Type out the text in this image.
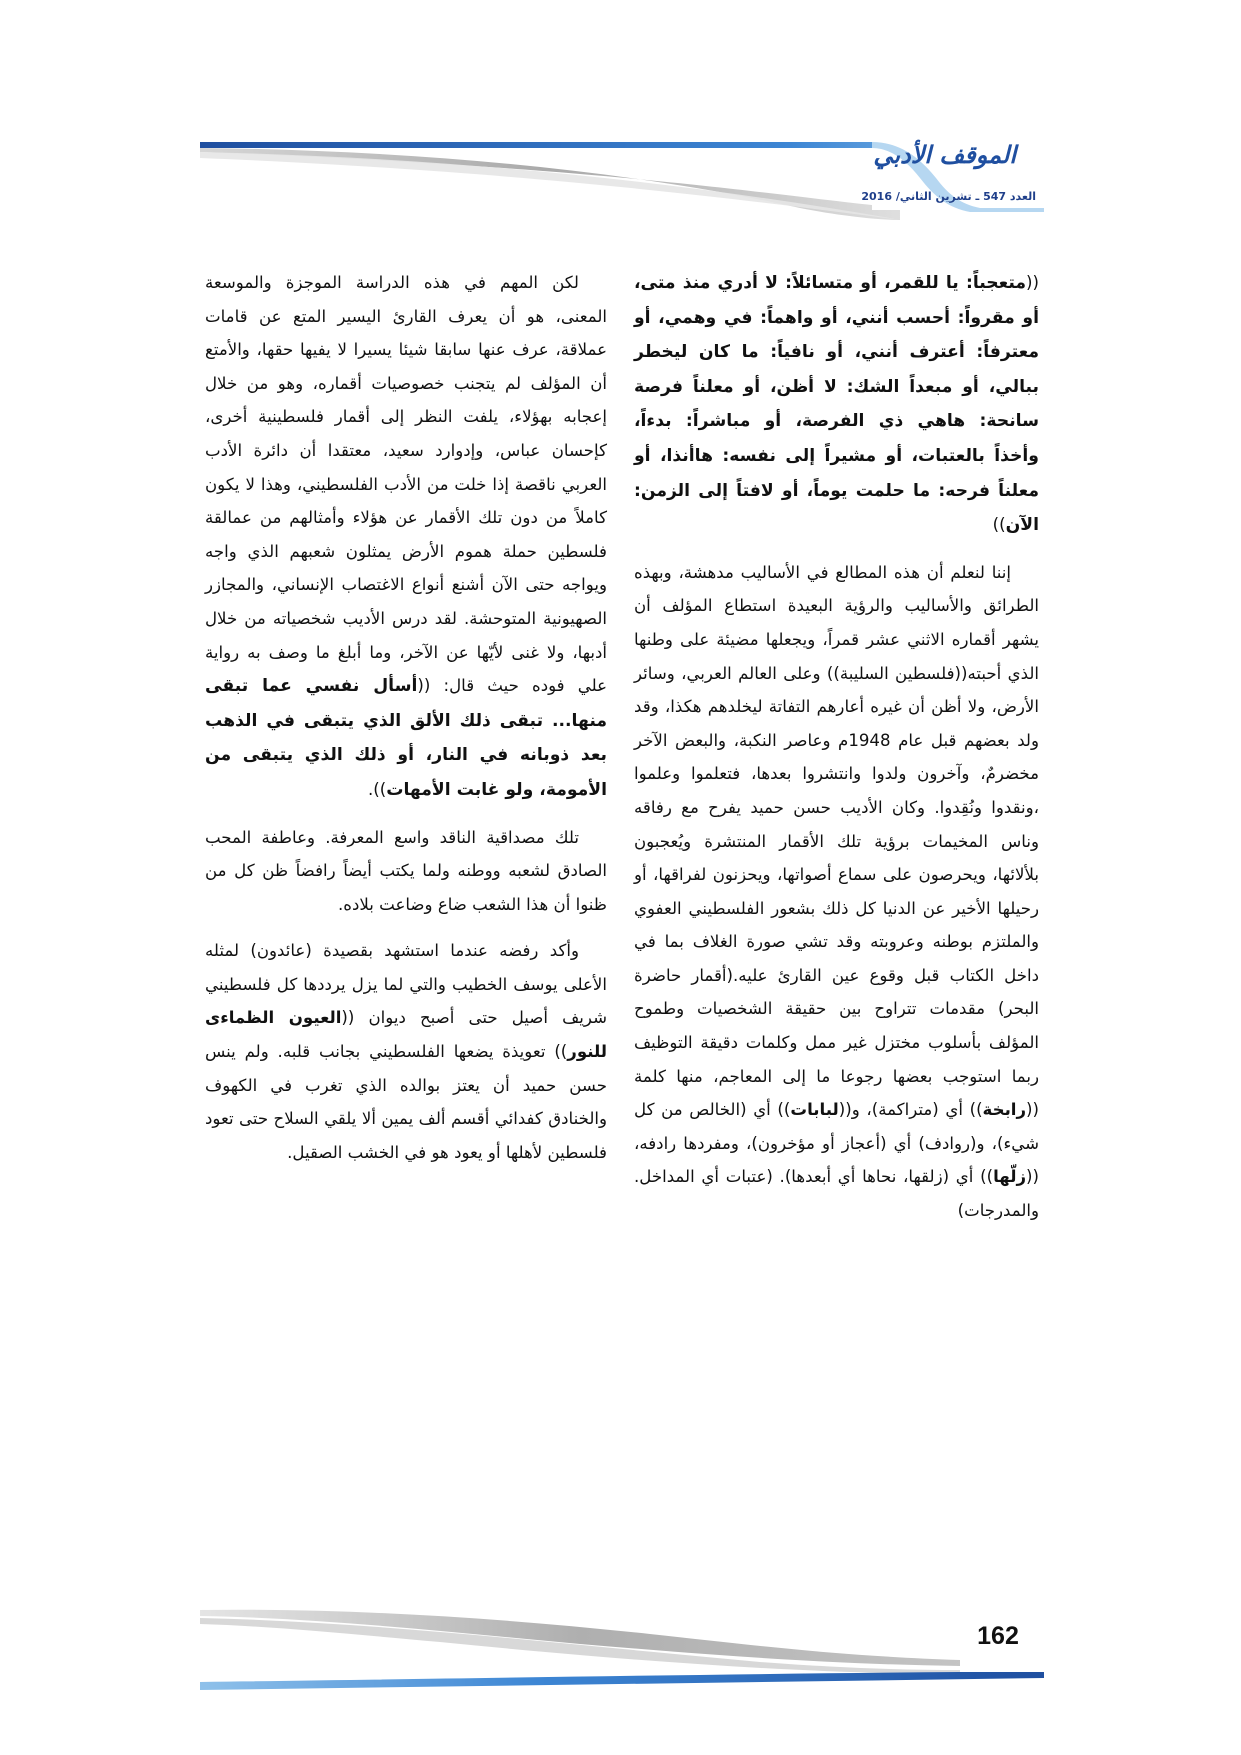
الموقف الأدبي
العدد 547 ـ تشرين الثاني/ 2016

((متعجباً: يا للقمر، أو متسائلاً: لا أدري منذ متى، أو مقرواً: أحسب أنني، أو واهماً: في وهمي، أو معترفاً: أعترف أنني، أو نافياً: ما كان ليخطر ببالي، أو مبعداً الشك: لا أظن، أو معلناً فرصة سانحة: هاهي ذي الفرصة، أو مباشراً: بدءاً، وأخذاً بالعتبات، أو مشيراً إلى نفسه: هاأنذا، أو معلناً فرحه: ما حلمت يوماً، أو لافتاً إلى الزمن: الآن))

إننا لنعلم أن هذه المطالع في الأساليب مدهشة، وبهذه الطرائق والأساليب والرؤية البعيدة استطاع المؤلف أن يشهر أقماره الاثني عشر قمراً، ويجعلها مضيئة على وطنها الذي أحبته((فلسطين السليبة)) وعلى العالم العربي، وسائر الأرض، ولا أظن أن غيره أعارهم التفاتة ليخلدهم هكذا، وقد ولد بعضهم قبل عام 1948م وعاصر النكبة، والبعض الآخر مخضرمٌ، وآخرون ولدوا وانتشروا بعدها، فتعلموا وعلموا ،ونقدوا ونُقِدوا. وكان الأديب حسن حميد يفرح مع رفاقه وناس المخيمات برؤية تلك الأقمار المنتشرة ويُعجبون بلألائها، ويحرصون على سماع أصواتها، ويحزنون لفراقها، أو رحيلها الأخير عن الدنيا كل ذلك بشعور الفلسطيني العفوي والملتزم بوطنه وعروبته وقد تشي صورة الغلاف بما في داخل الكتاب قبل وقوع عين القارئ عليه.(أقمار حاضرة البحر) مقدمات تتراوح بين حقيقة الشخصيات وطموح المؤلف بأسلوب مختزل غير ممل وكلمات دقيقة التوظيف ربما استوجب بعضها رجوعا ما إلى المعاجم، منها كلمة ((رابخة)) أي (متراكمة)، و((لبابات)) أي (الخالص من كل شيء)، و(روادف) أي (أعجاز أو مؤخرون)، ومفردها رادفه، ((زلّها)) أي (زلقها، نحاها أي أبعدها). (عتبات أي المداخل. والمدرجات)

لكن المهم في هذه الدراسة الموجزة والموسعة المعنى، هو أن يعرف القارئ اليسير المتع عن قامات عملاقة، عرف عنها سابقا شيئا يسيرا لا يفيها حقها، والأمتع أن المؤلف لم يتجنب خصوصيات أقماره، وهو من خلال إعجابه بهؤلاء، يلفت النظر إلى أقمار فلسطينية أخرى، كإحسان عباس، وإدوارد سعيد، معتقدا أن دائرة الأدب العربي ناقصة إذا خلت من الأدب الفلسطيني، وهذا لا يكون كاملاً من دون تلك الأقمار عن هؤلاء وأمثالهم من عمالقة فلسطين حملة هموم الأرض يمثلون شعبهم الذي واجه ويواجه حتى الآن أشنع أنواع الاغتصاب الإنساني، والمجازر الصهيونية المتوحشة. لقد درس الأديب شخصياته من خلال أدبها، ولا غنى لأيّها عن الآخر، وما أبلغ ما وصف به رواية علي فوده حيث قال: ((أسأل نفسي عما تبقى منها... تبقى ذلك الألق الذي يتبقى في الذهب بعد ذوبانه في النار، أو ذلك الذي يتبقى من الأمومة، ولو غابت الأمهات)).

تلك مصداقية الناقد واسع المعرفة. وعاطفة المحب الصادق لشعبه ووطنه ولما يكتب أيضاً رافضاً ظن كل من ظنوا أن هذا الشعب ضاع وضاعت بلاده.

وأكد رفضه عندما استشهد بقصيدة (عائدون) لمثله الأعلى يوسف الخطيب والتي لما يزل يرددها كل فلسطيني شريف أصيل حتى أصبح ديوان ((العيون الظماءى للنور)) تعويذة يضعها الفلسطيني بجانب قلبه. ولم ينس حسن حميد أن يعتز بوالده الذي تغرب في الكهوف والخنادق كفدائي أقسم ألف يمين ألا يلقي السلاح حتى تعود فلسطين لأهلها أو يعود هو في الخشب الصقيل.

162
